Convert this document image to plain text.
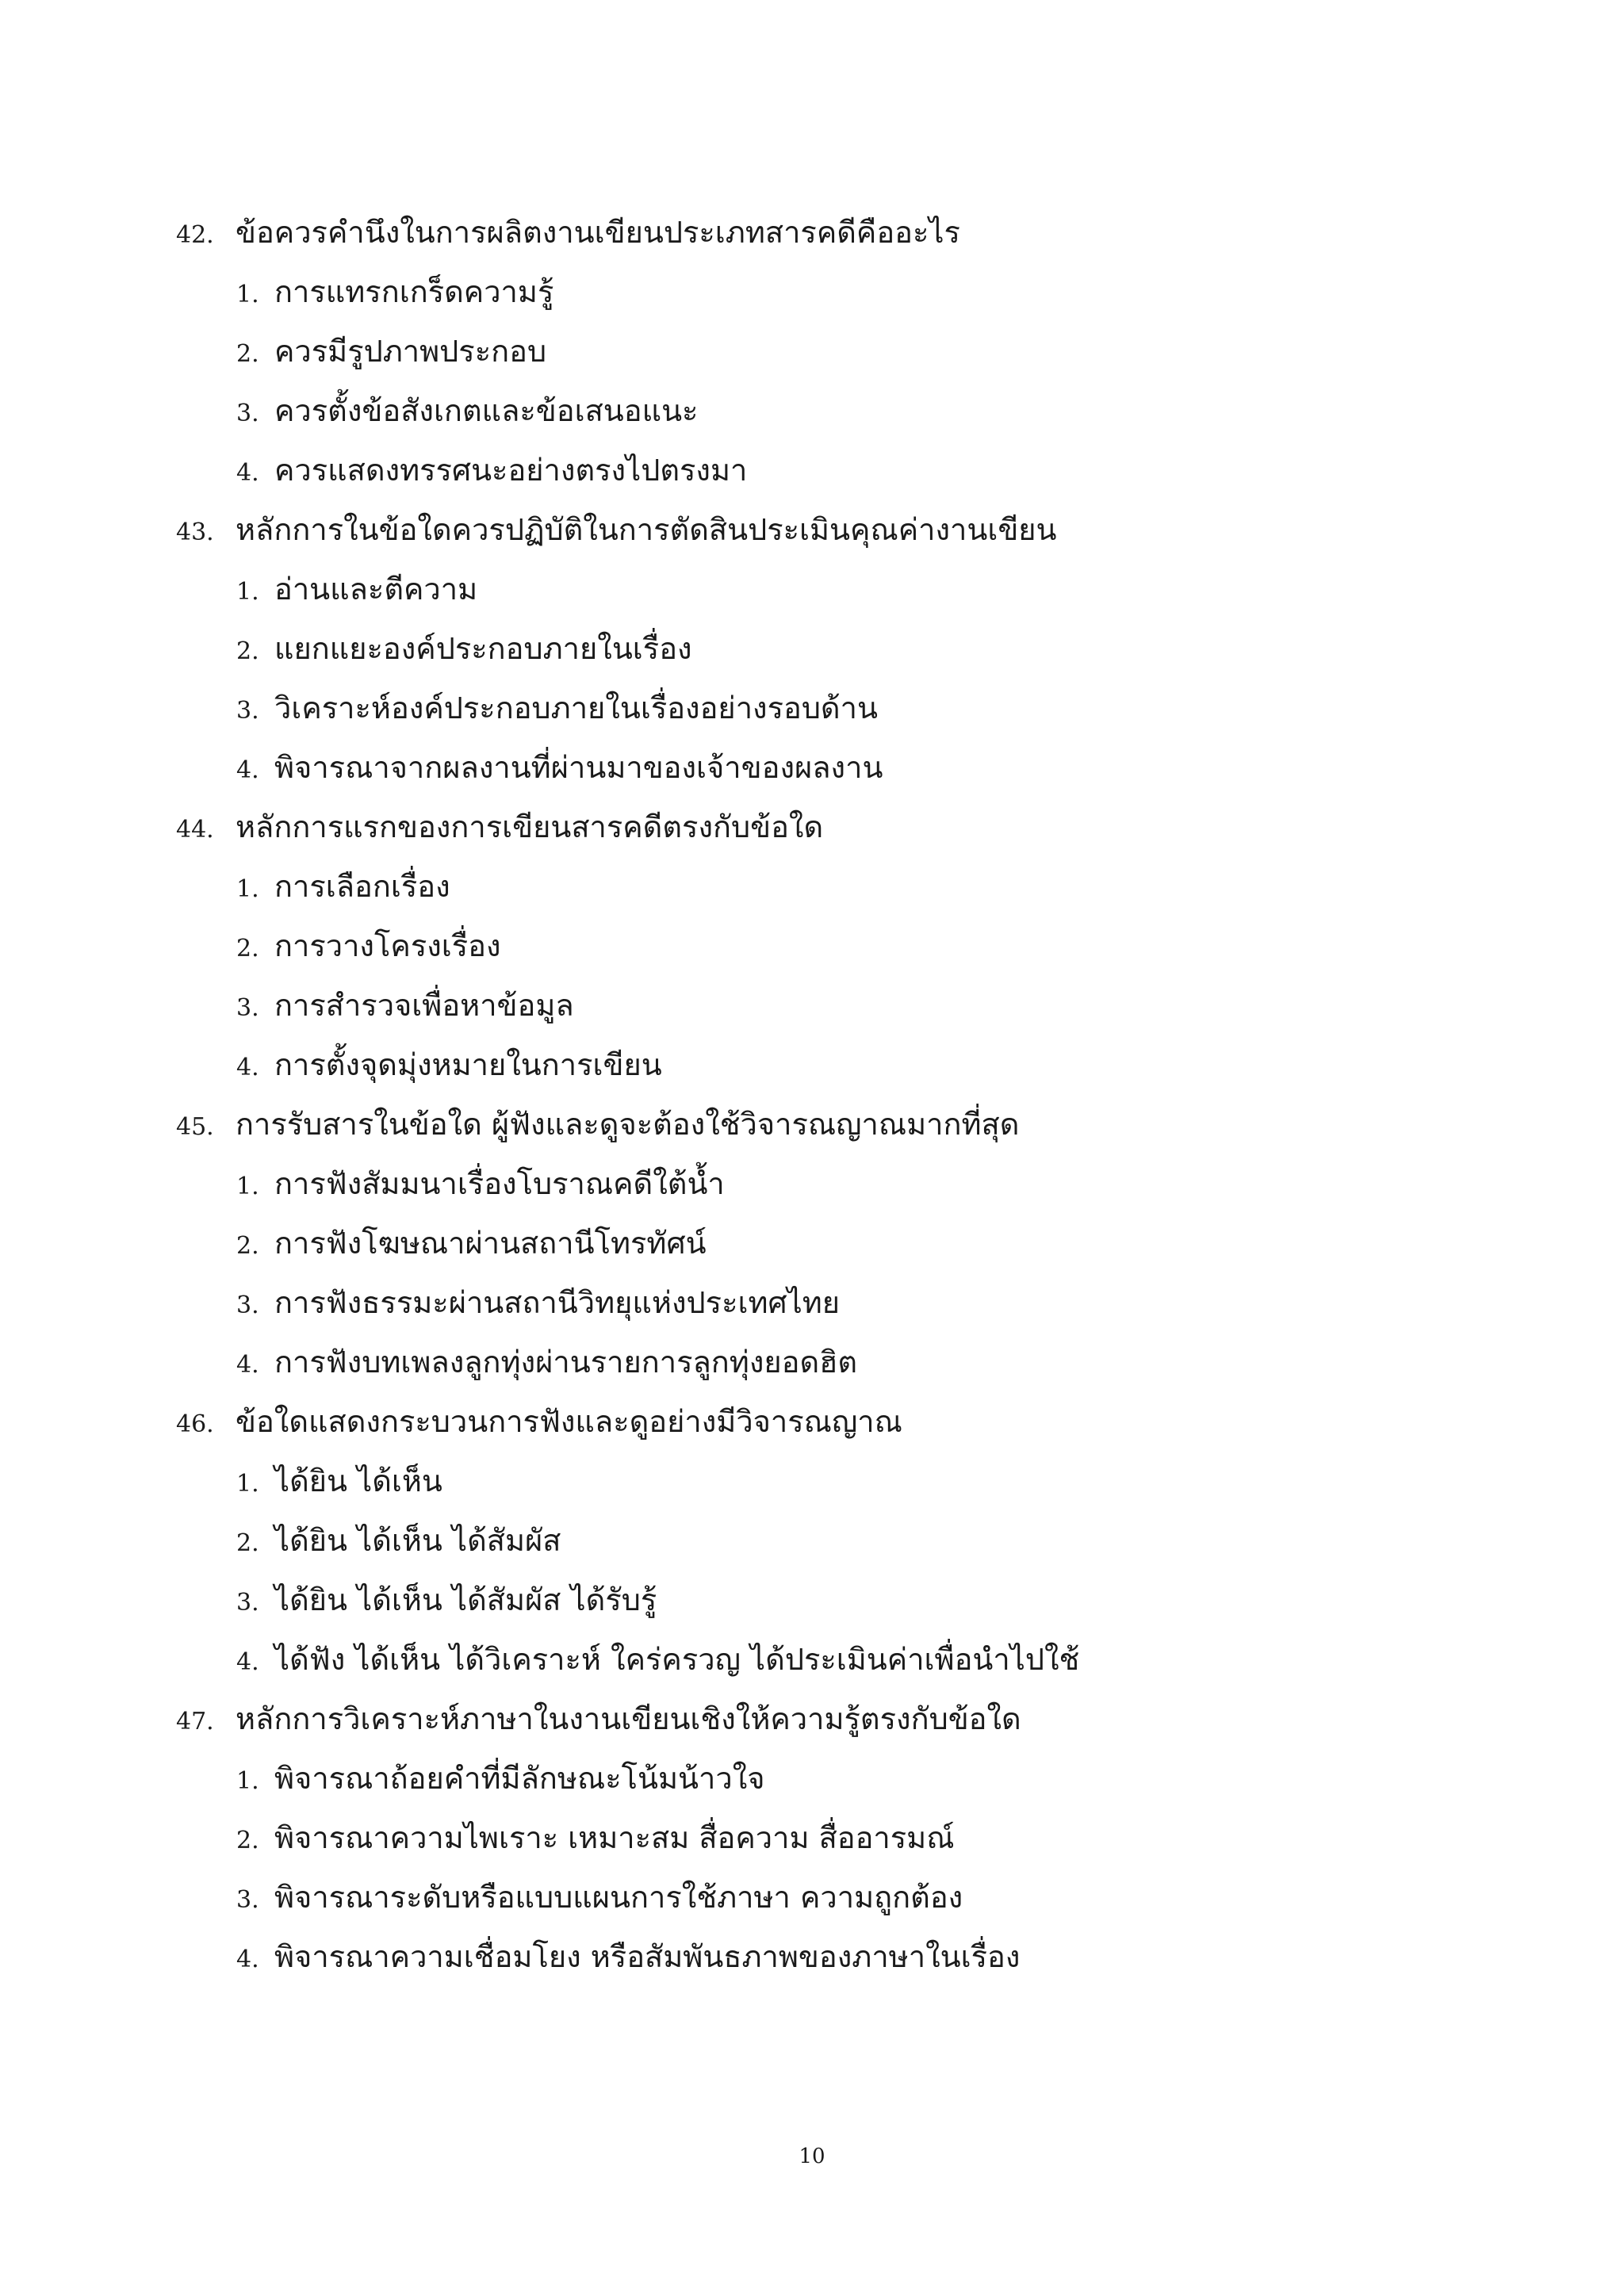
42. ข้อควรคำนึงในการผลิตงานเขียนประเภทสารคดีคืออะไร
1. การแทรกเกร็ดความรู้
2. ควรมีรูปภาพประกอบ
3. ควรตั้งข้อสังเกตและข้อเสนอแนะ
4. ควรแสดงทรรศนะอย่างตรงไปตรงมา
43. หลักการในข้อใดควรปฏิบัติในการตัดสินประเมินคุณค่างานเขียน
1. อ่านและตีความ
2. แยกแยะองค์ประกอบภายในเรื่อง
3. วิเคราะห์องค์ประกอบภายในเรื่องอย่างรอบด้าน
4. พิจารณาจากผลงานที่ผ่านมาของเจ้าของผลงาน
44. หลักการแรกของการเขียนสารคดีตรงกับข้อใด
1. การเลือกเรื่อง
2. การวางโครงเรื่อง
3. การสำรวจเพื่อหาข้อมูล
4. การตั้งจุดมุ่งหมายในการเขียน
45. การรับสารในข้อใด ผู้ฟังและดูจะต้องใช้วิจารณญาณมากที่สุด
1. การฟังสัมมนาเรื่องโบราณคดีใต้น้ำ
2. การฟังโฆษณาผ่านสถานีโทรทัศน์
3. การฟังธรรมะผ่านสถานีวิทยุแห่งประเทศไทย
4. การฟังบทเพลงลูกทุ่งผ่านรายการลูกทุ่งยอดฮิต
46. ข้อใดแสดงกระบวนการฟังและดูอย่างมีวิจารณญาณ
1. ได้ยิน ได้เห็น
2. ได้ยิน ได้เห็น ได้สัมผัส
3. ได้ยิน ได้เห็น ได้สัมผัส ได้รับรู้
4. ได้ฟัง ได้เห็น ได้วิเคราะห์ ใคร่ครวญ ได้ประเมินค่าเพื่อนำไปใช้
47. หลักการวิเคราะห์ภาษาในงานเขียนเชิงให้ความรู้ตรงกับข้อใด
1. พิจารณาถ้อยคำที่มีลักษณะโน้มน้าวใจ
2. พิจารณาความไพเราะ เหมาะสม สื่อความ สื่ออารมณ์
3. พิจารณาระดับหรือแบบแผนการใช้ภาษา ความถูกต้อง
4. พิจารณาความเชื่อมโยง หรือสัมพันธภาพของภาษาในเรื่อง
10
